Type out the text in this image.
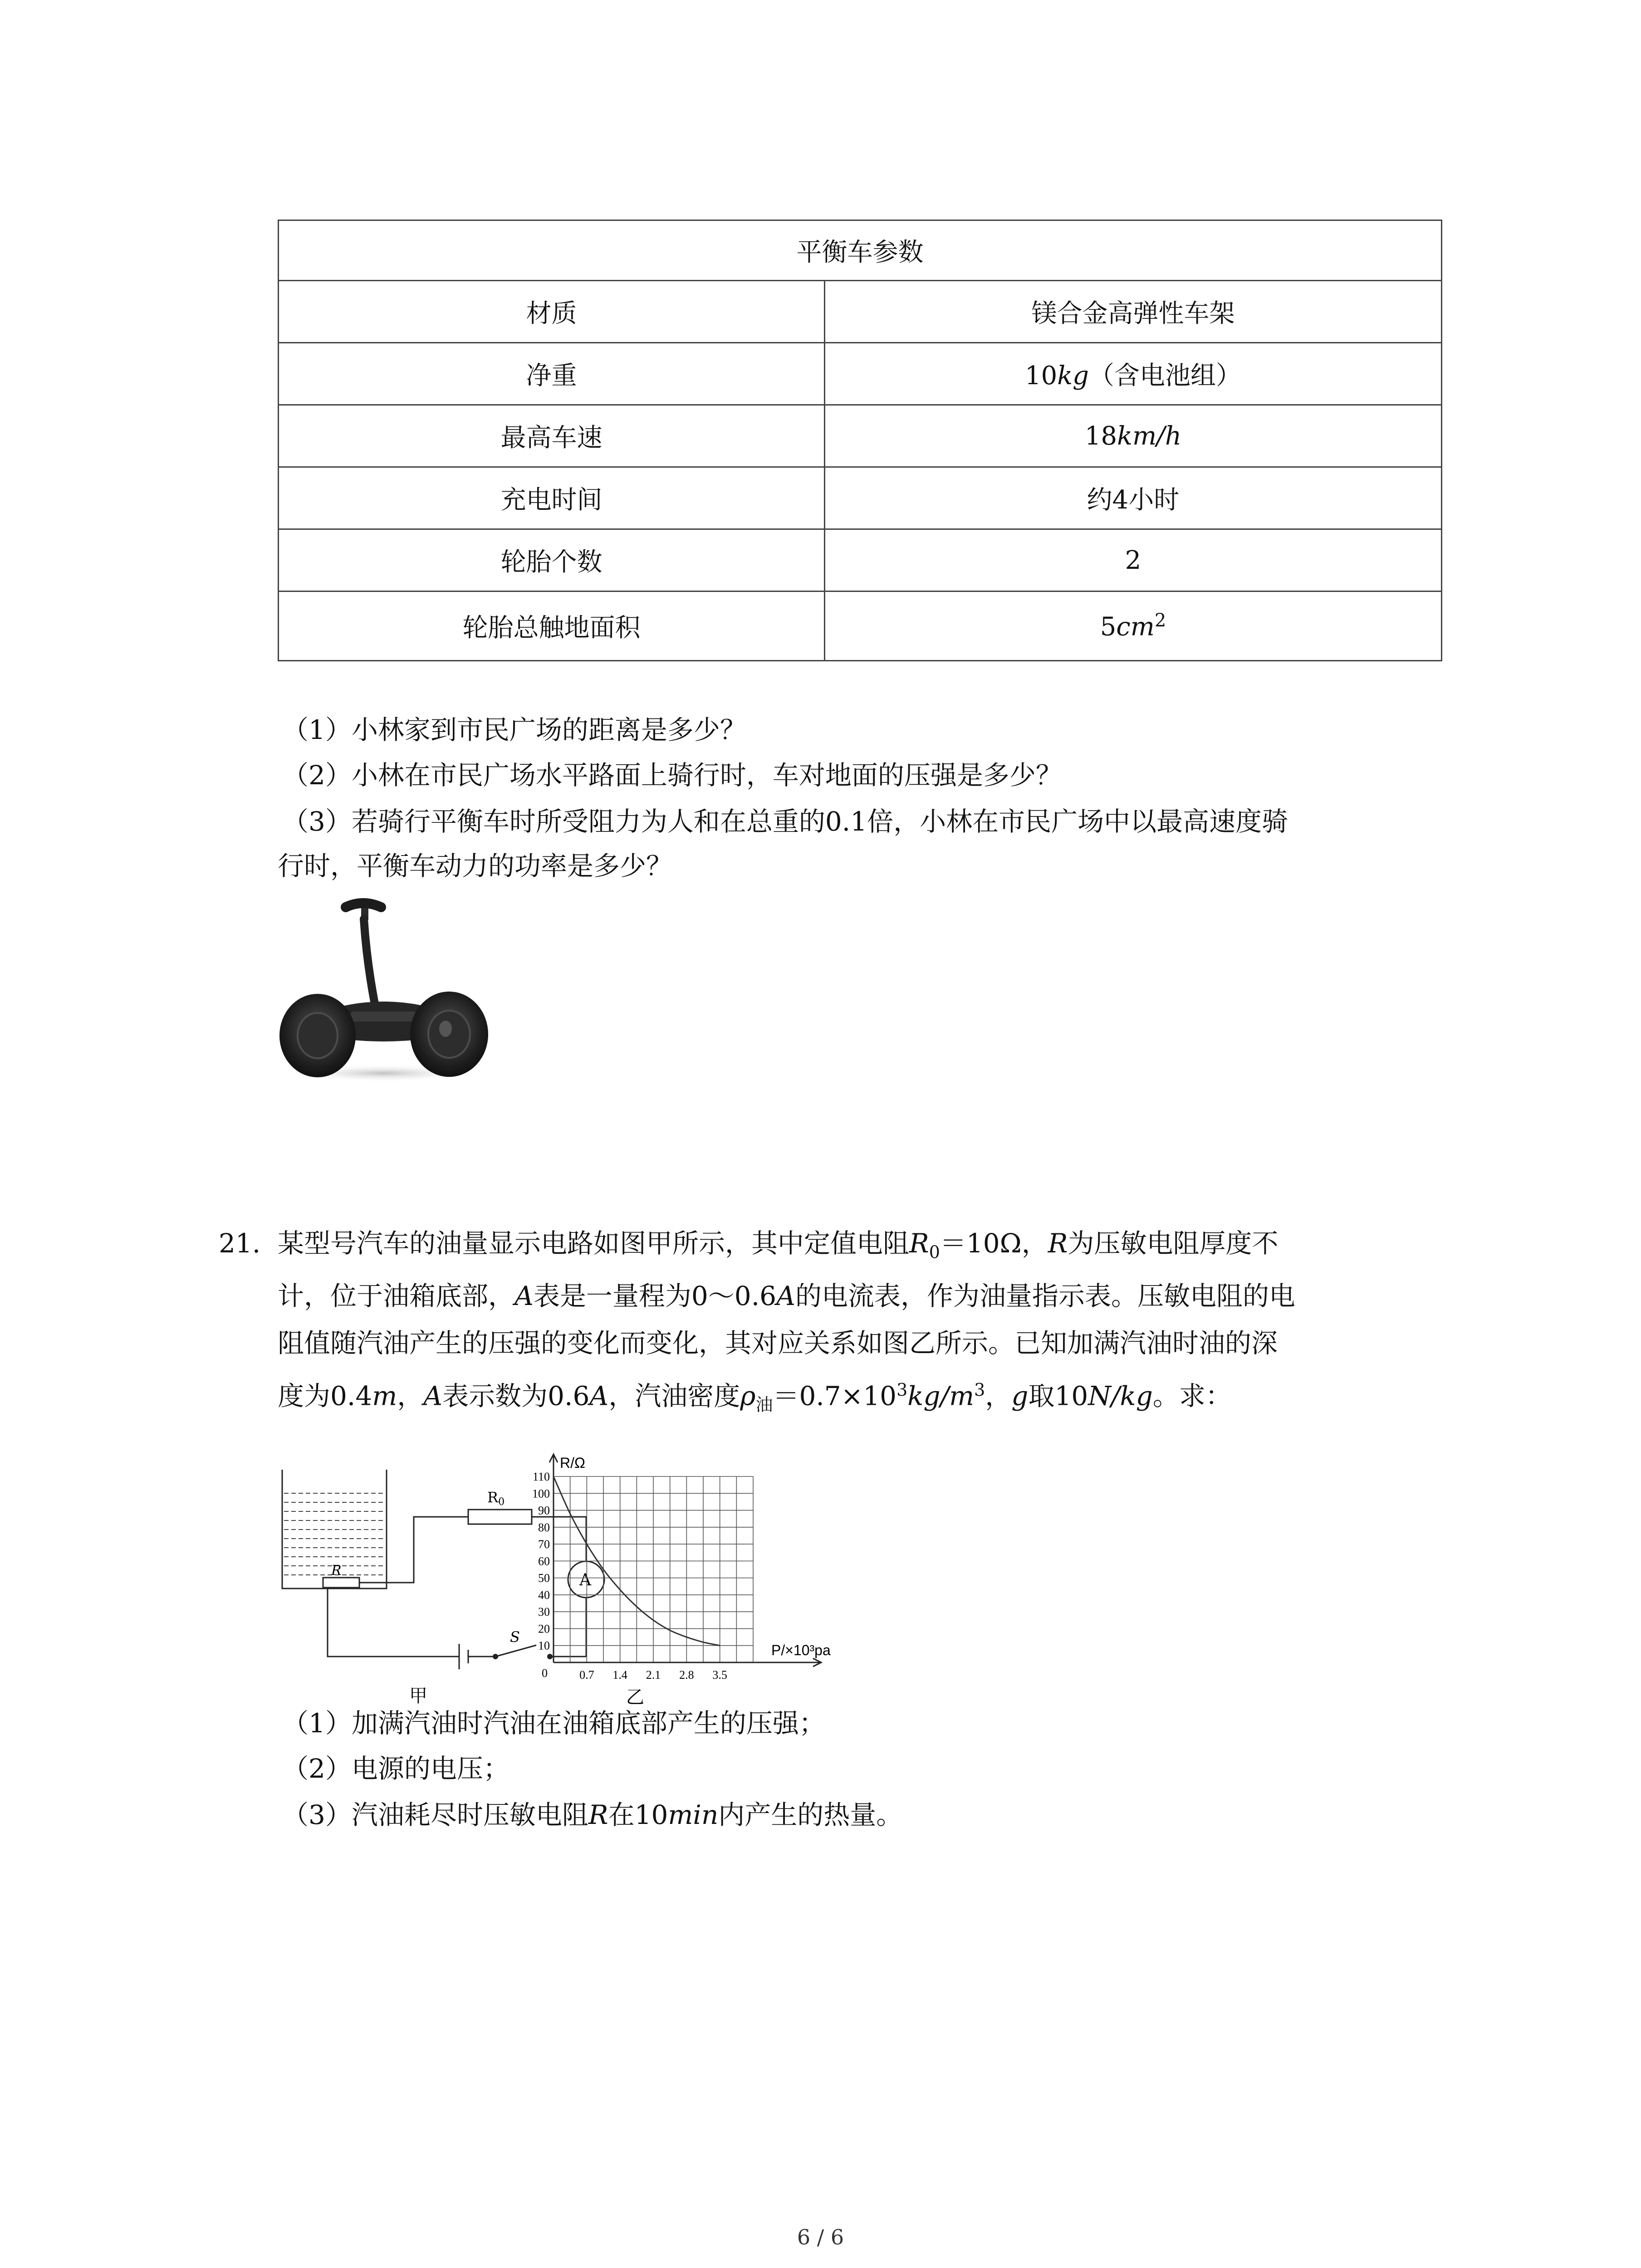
平衡车参数	
材质	镁合金高弹性车架
净重	10kg（含电池组）
最高车速	18km/h
充电时间	约4小时
轮胎个数	2
轮胎总触地面积	$5cm^2$
（1）小林家到市民广场的距离是多少？
（2）小林在市民广场水平路面上骑行时，车对地面的压强是多少？
（3）若骑行平衡车时所受阻力为人和在总重的0.1倍，小林在市民广场中以最高速度骑
行时，平衡车动力的功率是多少？
21. 某型号汽车的油量显示电路如图甲所示，其中定值电阻$R_0=10\Omega$，R为压敏电阻厚度不
计，位于油箱底部，A表是一量程为0～0.6A的电流表，作为油量指示表。压敏电阻的电
阻值随汽油产生的压强的变化而变化，其对应关系如图乙所示。已知加满汽油时油的深
度为0.4m，A表示数为0.6A，汽油密度$\rho_油=0.7\times 10^3kg/m^3$，g取10N/kg。求：
R
R0
A
S
甲
10
20
30
40
50
60
70
80
90
100
110
0.7 1.4 2.1 2.8 3.5
0
R/Ω
P/×10³pa
乙
（1）加满汽油时汽油在油箱底部产生的压强；
（2）电源的电压；
（3）汽油耗尽时压敏电阻R在10min内产生的热量。
6 / 6
